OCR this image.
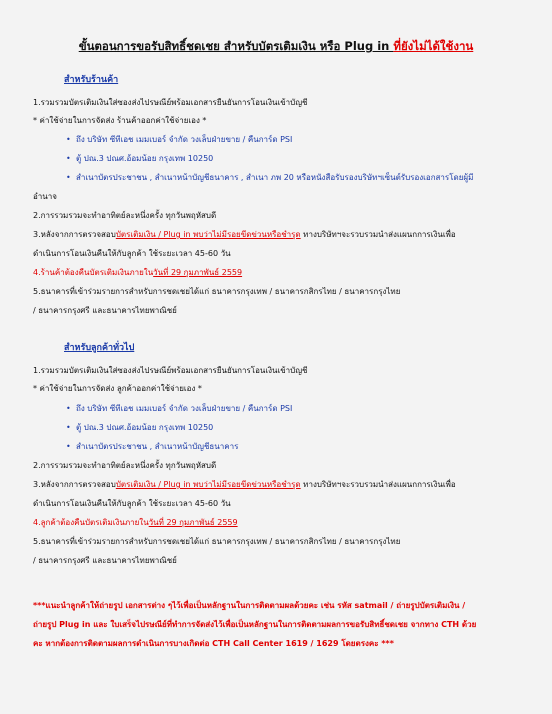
ขั้นตอนการขอรับสิทธิ์ชดเชย สำหรับบัตรเติมเงิน หรือ Plug in ที่ยังไม่ได้ใช้งาน
สำหรับร้านค้า
1.รวมรวมบัตรเติมเงินใส่ซองส่งไปรษณีย์พร้อมเอกสารยืนยันการโอนเงินเข้าบัญชี
* ค่าใช้จ่ายในการจัดส่ง ร้านค้าออกค่าใช้จ่ายเอง *
• ถึง บริษัท ซีทีเอช เมมเบอร์ จำกัด วงเล็บฝ่ายขาย / คืนการ์ด PSI
• ตู้ ปณ.3 ปณศ.อ้อมน้อย กรุงเทพ 10250
• สำเนาบัตรประชาชน , สำเนาหน้าบัญชีธนาคาร , สำเนา ภพ 20 หรือหนังสือรับรองบริษัทฯเซ็นต์รับรองเอกสารโดยผู้มี
อำนาจ
2.การรวมรวมจะทำอาทิตย์ละหนึ่งครั้ง ทุกวันพฤหัสบดี
3.หลังจากการตรวจสอบบัตรเติมเงิน / Plug in พบว่าไม่มีรอยขีดข่วนหรือชำรุด ทางบริษัทฯจะรวบรวมนำส่งแผนกการเงินเพื่อ
ดำเนินการโอนเงินคืนให้กับลูกค้า ใช้ระยะเวลา 45-60 วัน
4.ร้านค้าต้องคืนบัตรเติมเงินภายในวันที่ 29 กุมภาพันธ์ 2559
5.ธนาคารที่เข้าร่วมรายการสำหรับการชดเชยได้แก่ ธนาคารกรุงเทพ / ธนาคารกสิกรไทย / ธนาคารกรุงไทย
/ ธนาคารกรุงศรี และธนาคารไทยพาณิชย์
สำหรับลูกค้าทั่วไป
1.รวมรวมบัตรเติมเงินใส่ซองส่งไปรษณีย์พร้อมเอกสารยืนยันการโอนเงินเข้าบัญชี
* ค่าใช้จ่ายในการจัดส่ง ลูกค้าออกค่าใช้จ่ายเอง *
• ถึง บริษัท ซีทีเอช เมมเบอร์ จำกัด วงเล็บฝ่ายขาย / คืนการ์ด PSI
• ตู้ ปณ.3 ปณศ.อ้อมน้อย กรุงเทพ 10250
• สำเนาบัตรประชาชน , สำเนาหน้าบัญชีธนาคาร
2.การรวมรวมจะทำอาทิตย์ละหนึ่งครั้ง ทุกวันพฤหัสบดี
3.หลังจากการตรวจสอบบัตรเติมเงิน / Plug in พบว่าไม่มีรอยขีดข่วนหรือชำรุด ทางบริษัทฯจะรวบรวมนำส่งแผนกการเงินเพื่อ
ดำเนินการโอนเงินคืนให้กับลูกค้า ใช้ระยะเวลา 45-60 วัน
4.ลูกค้าต้องคืนบัตรเติมเงินภายในวันที่ 29 กุมภาพันธ์ 2559
5.ธนาคารที่เข้าร่วมรายการสำหรับการชดเชยได้แก่ ธนาคารกรุงเทพ / ธนาคารกสิกรไทย / ธนาคารกรุงไทย
/ ธนาคารกรุงศรี และธนาคารไทยพาณิชย์
***แนะนำลูกค้าให้ถ่ายรูป เอกสารต่าง ๆไว้เพื่อเป็นหลักฐานในการติดตามผลด้วยคะ เช่น รหัส satmail / ถ่ายรูปบัตรเติมเงิน /
ถ่ายรูป Plug in และ ใบเสร็จไปรษณีย์ที่ทำการจัดส่งไว้เพื่อเป็นหลักฐานในการติดตามผลการขอรับสิทธิ์ชดเชย จากทาง CTH ด้วย
คะ หากต้องการติดตามผลการดำเนินการบางเกิดต่อ CTH Call Center 1619 / 1629 โดยตรงคะ ***
